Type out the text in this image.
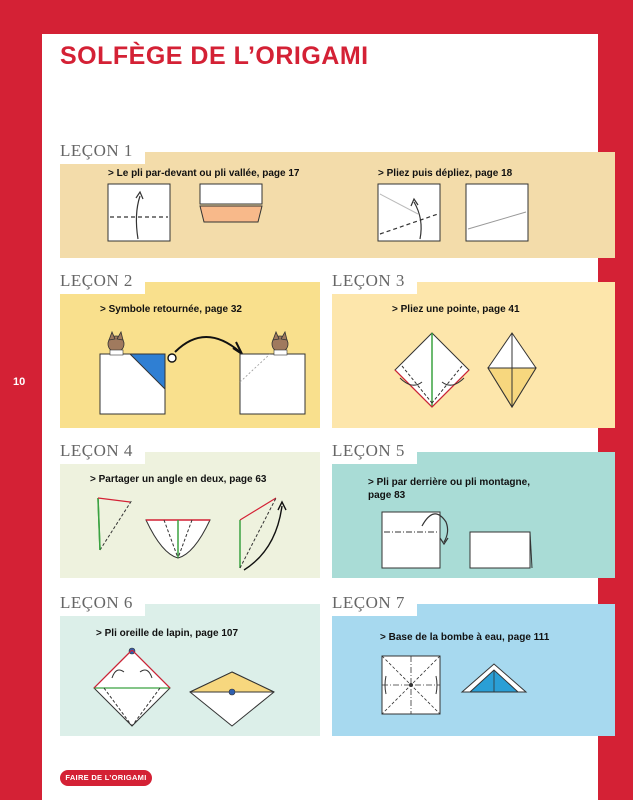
SOLFÈGE DE L’ORIGAMI
10
LEÇON 1
> Le pli par-devant ou pli vallée, page 17	> Pliez puis dépliez, page 18
LEÇON 2
> Symbole retournée, page 32
LEÇON 3
> Pliez une pointe, page 41
LEÇON 4
> Partager un angle en deux, page 63
LEÇON 5
> Pli par derrière ou pli montagne, page 83
LEÇON 6
> Pli oreille de lapin, page 107
LEÇON 7
> Base de la bombe à eau, page 111
FAIRE DE L’ORIGAMI
